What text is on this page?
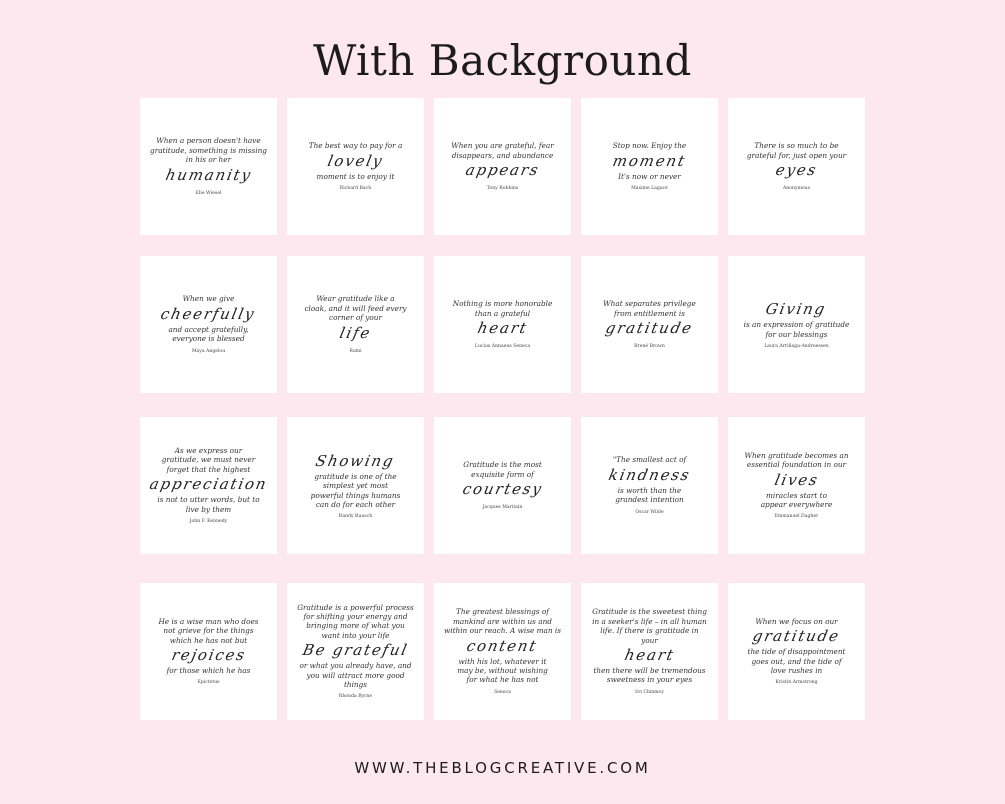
With Background
When a person doesn't have
gratitude, something is missing
in his or her
humanity
Elie Wiesel
The best way to pay for a
lovely
moment is to enjoy it
Richard Bach
When you are grateful, fear
disappears, and abundance
appears
Tony Robbins
Stop now. Enjoy the
moment
It's now or never
Maxime Lagacé
There is so much to be
grateful for, just open your
eyes
Anonymous
When we give
cheerfully
and accept gratefully,
everyone is blessed
Maya Angelou
Wear gratitude like a
cloak, and it will feed every
corner of your
life
Rumi
Nothing is more honorable
than a grateful
heart
Lucius Annaeus Seneca
What separates privilege
from entitlement is
gratitude
Brené Brown
Giving
is an expression of gratitude
for our blessings
Laura Arrillaga-Andreessen
As we express our
gratitude, we must never
forget that the highest
appreciation
is not to utter words, but to
live by them
John F. Kennedy
Showing
gratitude is one of the
simplest yet most
powerful things humans
can do for each other
Randy Rausch
Gratitude is the most
exquisite form of
courtesy
Jacques Maritain
"The smallest act of
kindness
is worth than the
grandest intention
Oscar Wilde
When gratitude becomes an
essential foundation in our
lives
miracles start to
appear everywhere
Emmanuel Dagher
He is a wise man who does
not grieve for the things
which he has not but
rejoices
for those which he has
Epictetus
Gratitude is a powerful process
for shifting your energy and
bringing more of what you
want into your life
Be grateful
or what you already have, and
you will attract more good things
Rhonda Byrne
The greatest blessings of
mankind are within us and
within our reach. A wise man is
content
with his lot, whatever it
may be, without wishing
for what he has not
Seneca
Gratitude is the sweetest thing
in a seeker's life – in all human
life. If there is gratitude in your
heart
then there will be tremendous
sweetness in your eyes
Sri Chinmoy
When we focus on our
gratitude
the tide of disappointment
goes out, and the tide of
love rushes in
Kristin Armstrong
WWW.THEBLOGCREATIVE.COM
